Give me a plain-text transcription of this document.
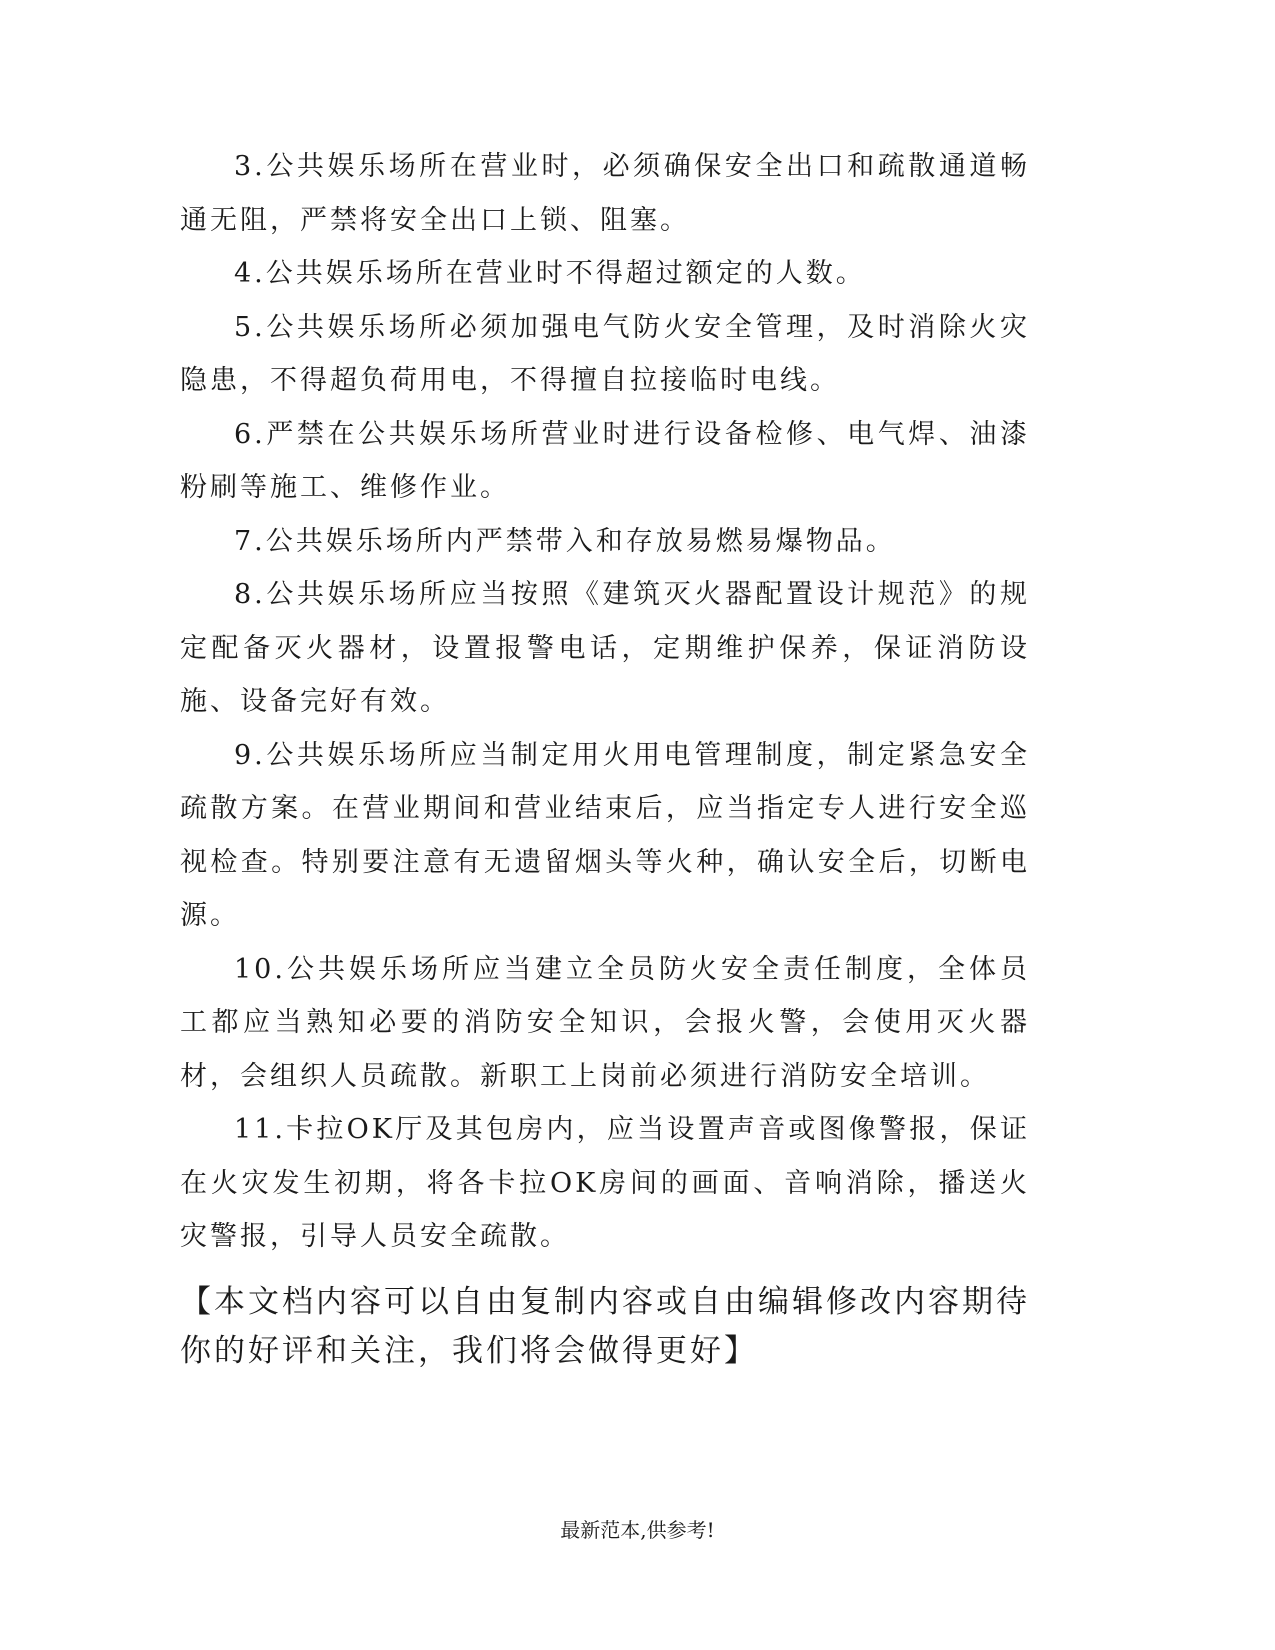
3.公共娱乐场所在营业时，必须确保安全出口和疏散通道畅通无阻，严禁将安全出口上锁、阻塞。

4.公共娱乐场所在营业时不得超过额定的人数。

5.公共娱乐场所必须加强电气防火安全管理，及时消除火灾隐患，不得超负荷用电，不得擅自拉接临时电线。

6.严禁在公共娱乐场所营业时进行设备检修、电气焊、油漆粉刷等施工、维修作业。

7.公共娱乐场所内严禁带入和存放易燃易爆物品。

8.公共娱乐场所应当按照《建筑灭火器配置设计规范》的规定配备灭火器材，设置报警电话，定期维护保养，保证消防设施、设备完好有效。

9.公共娱乐场所应当制定用火用电管理制度，制定紧急安全疏散方案。在营业期间和营业结束后，应当指定专人进行安全巡视检查。特别要注意有无遗留烟头等火种，确认安全后，切断电源。

10.公共娱乐场所应当建立全员防火安全责任制度，全体员工都应当熟知必要的消防安全知识，会报火警，会使用灭火器材，会组织人员疏散。新职工上岗前必须进行消防安全培训。

11.卡拉OK厅及其包房内，应当设置声音或图像警报，保证在火灾发生初期，将各卡拉OK房间的画面、音响消除，播送火灾警报，引导人员安全疏散。

【本文档内容可以自由复制内容或自由编辑修改内容期待你的好评和关注，我们将会做得更好】

最新范本,供参考!
